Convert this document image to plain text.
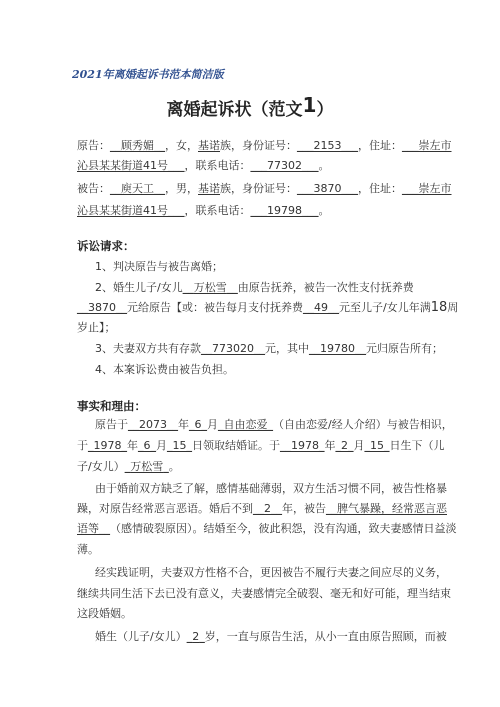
2021年离婚起诉书范本简洁版
离婚起诉状（范文1）
原告：__顾秀媚__，女，基诺族，身份证号：___2153___，住址：___崇左市
沁县某某街道41号___，联系电话：___77302___。
被告：__庾天工__，男，基诺族，身份证号：___3870___，住址：___崇左市
沁县某某街道41号___，联系电话：___19798___。
诉讼请求：
1、判决原告与被告离婚；
2、婚生儿子/女儿__万松雪__由原告抚养，被告一次性支付抚养费
__3870__元给原告【或：被告每月支付抚养费__49__元至儿子/女儿年满18周
岁止】；
3、夫妻双方共有存款__773020__元，其中__19780__元归原告所有；
4、本案诉讼费由被告负担。
事实和理由：
原告于__2073__年_6_月_自由恋爱_（自由恋爱/经人介绍）与被告相识，
于_1978_年_6_月_15_日领取结婚证。于__1978_年_2_月_15_日生下（儿
子/女儿）_万松雪_。
由于婚前双方缺乏了解，感情基础薄弱，双方生活习惯不同，被告性格暴
躁，对原告经常恶言恶语。婚后不到__2__年，被告__脾气暴躁，经常恶言恶
语等__（感情破裂原因）。结婚至今，彼此积怨，没有沟通，致夫妻感情日益淡
薄。
经实践证明，夫妻双方性格不合，更因被告不履行夫妻之间应尽的义务，
继续共同生活下去已没有意义，夫妻感情完全破裂、毫无和好可能，理当结束
这段婚姻。
婚生（儿子/女儿）_2_岁，一直与原告生活，从小一直由原告照顾，而被
